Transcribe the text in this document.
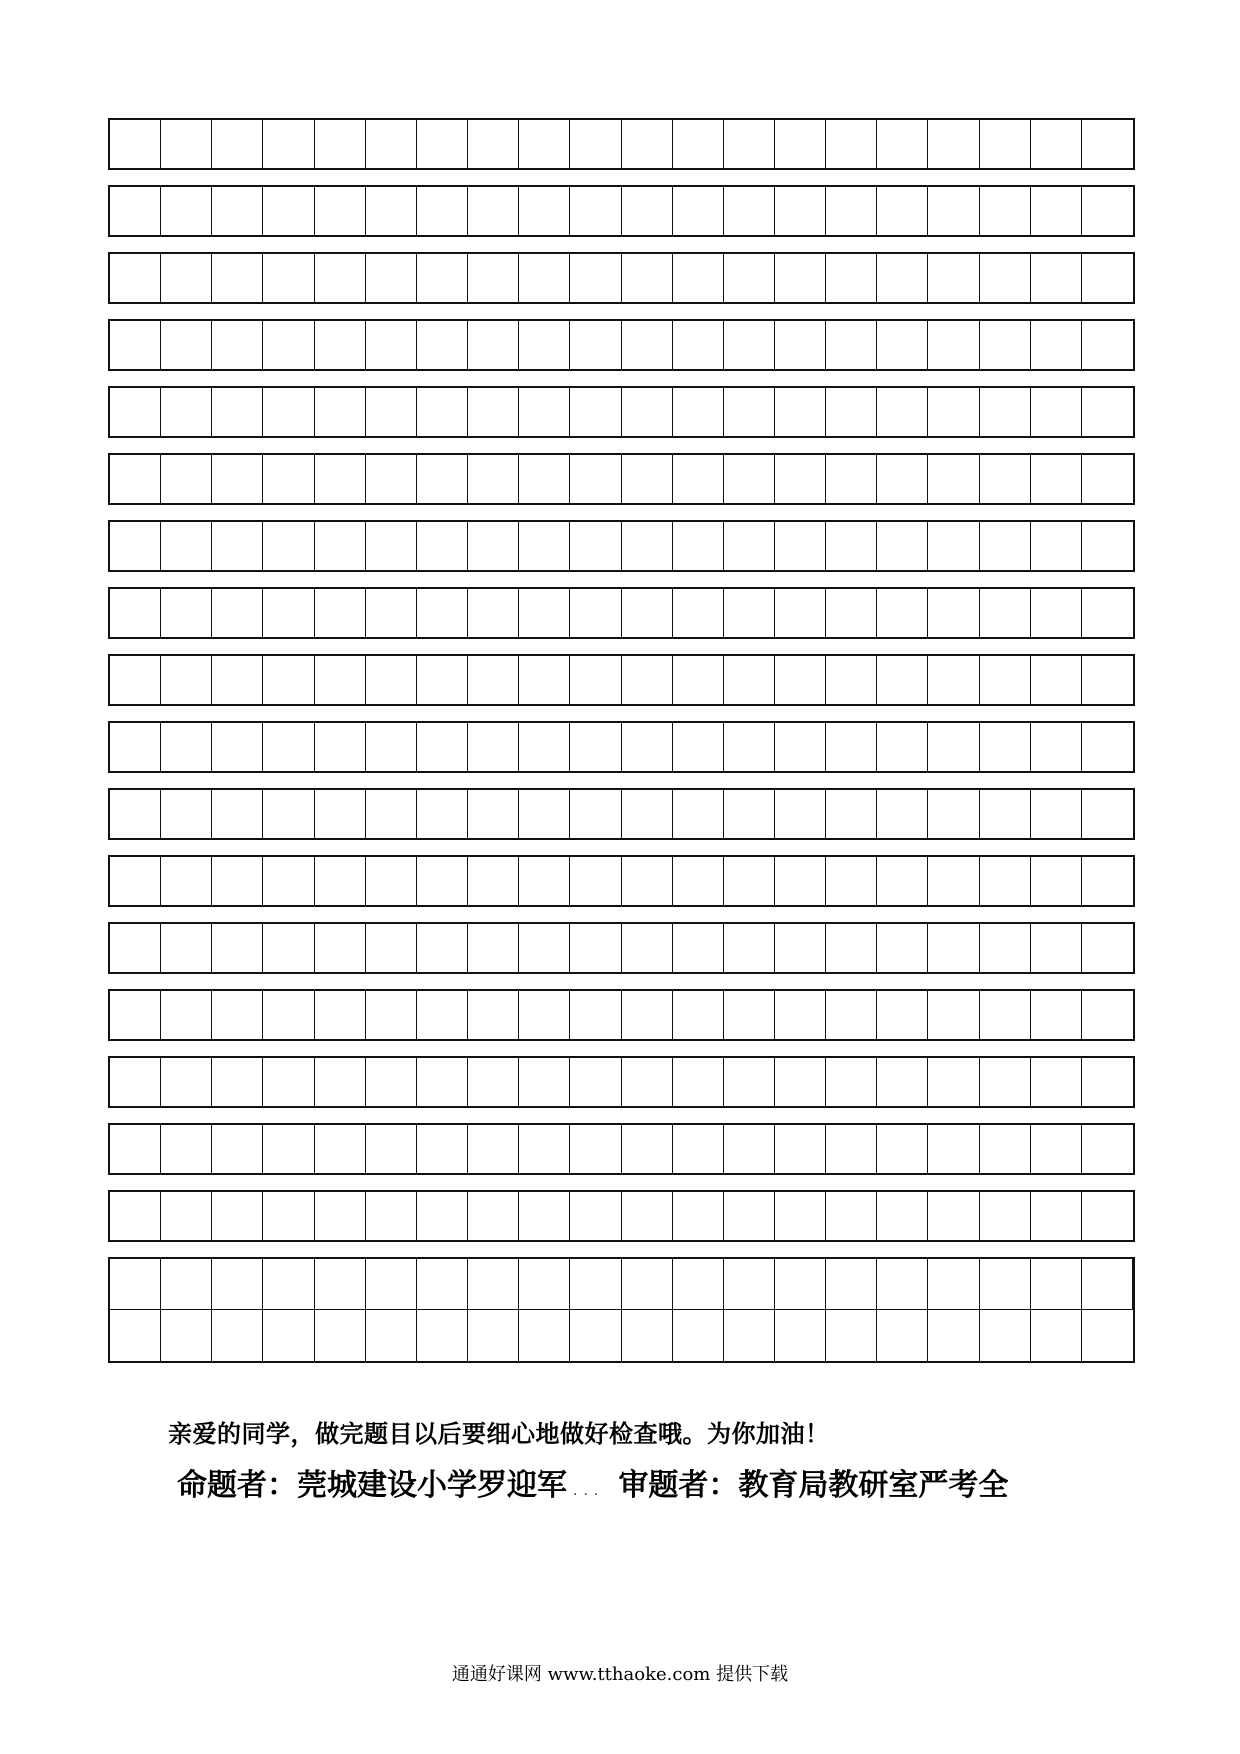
亲爱的同学，做完题目以后要细心地做好检查哦。为你加油！
命题者：莞城建设小学罗迎军 ... 审题者：教育局教研室严考全
通通好课网 www.tthaoke.com 提供下载
